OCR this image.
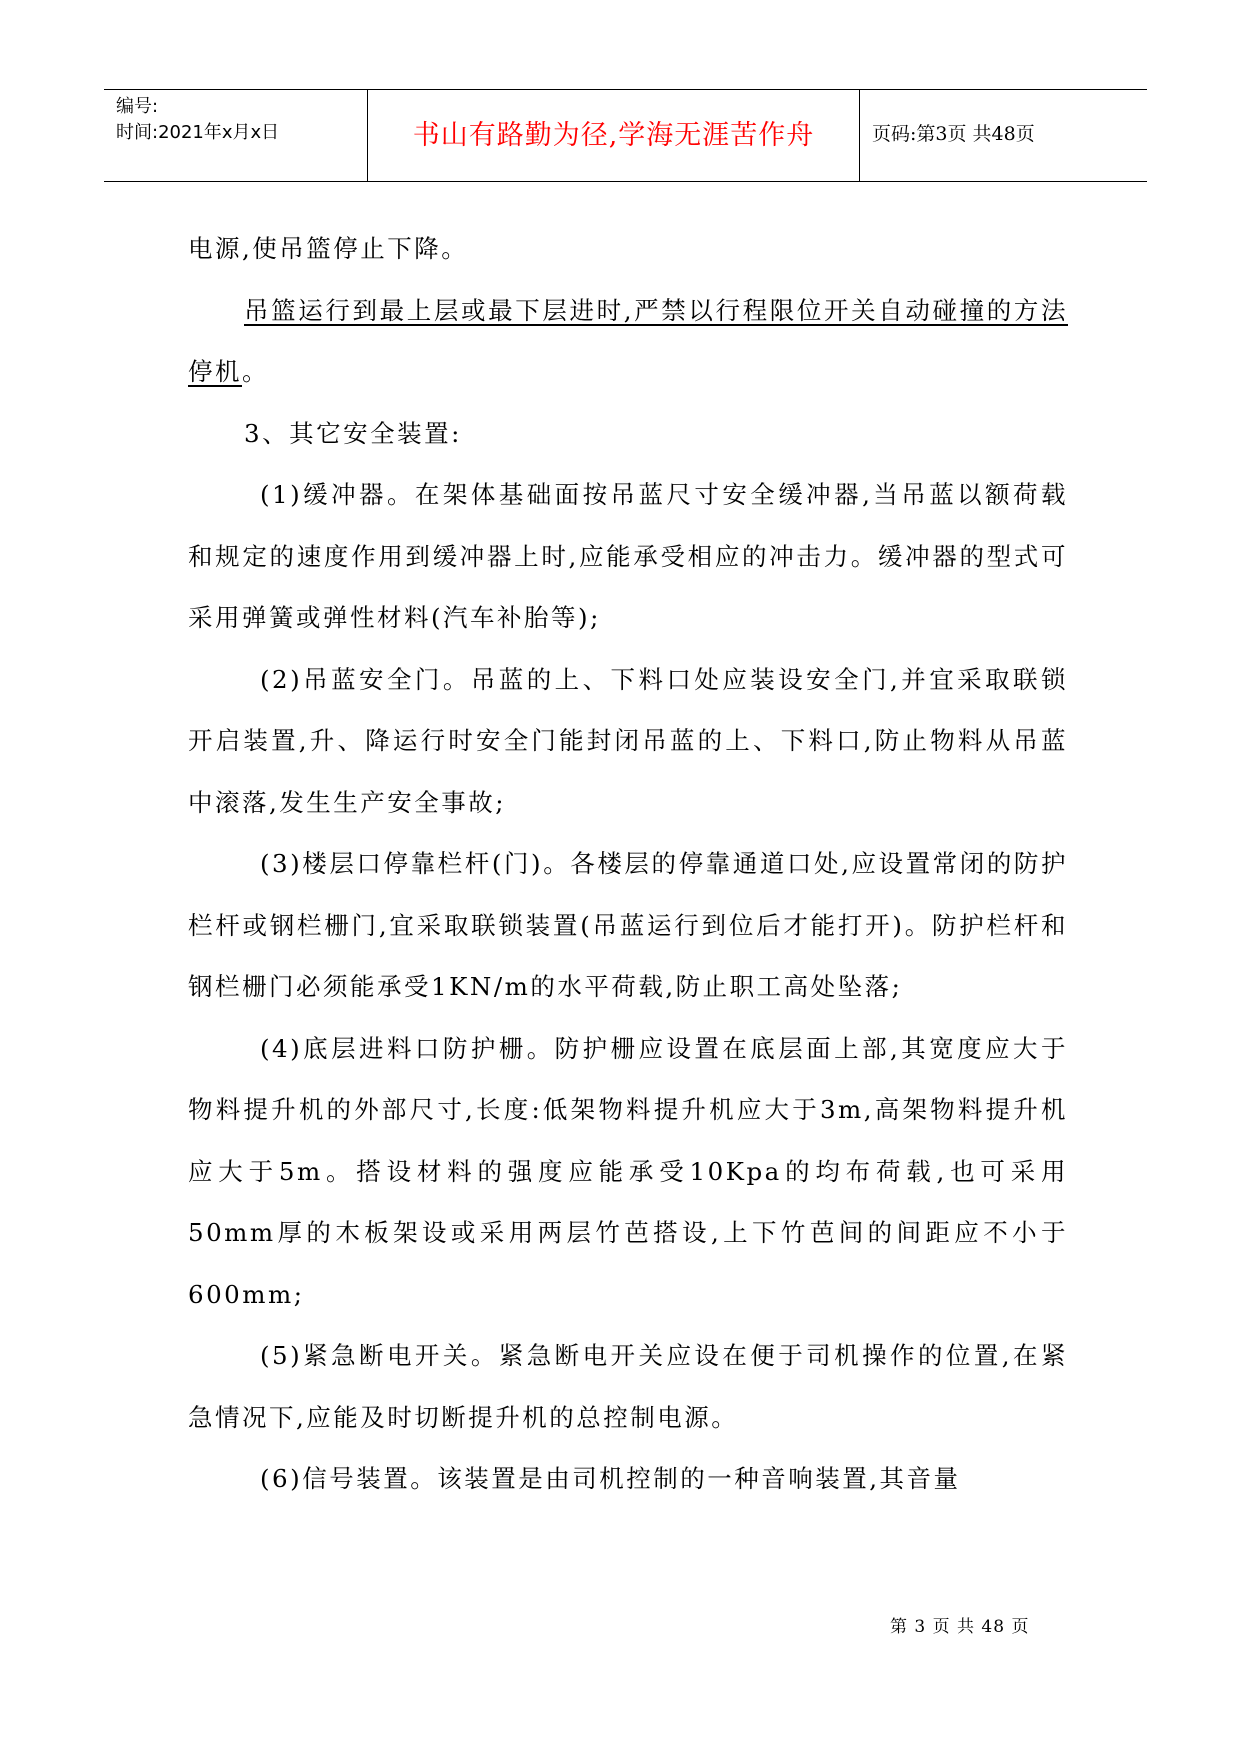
编号:
时间:2021年x月x日	书山有路勤为径,学海无涯苦作舟	页码:第3页 共48页

电源,使吊篮停止下降。

吊篮运行到最上层或最下层进时,严禁以行程限位开关自动碰撞的方法停机。

3、其它安全装置:

(1)缓冲器。在架体基础面按吊蓝尺寸安全缓冲器,当吊蓝以额荷载和规定的速度作用到缓冲器上时,应能承受相应的冲击力。缓冲器的型式可采用弹簧或弹性材料(汽车补胎等);

(2)吊蓝安全门。吊蓝的上、下料口处应装设安全门,并宜采取联锁开启装置,升、降运行时安全门能封闭吊蓝的上、下料口,防止物料从吊蓝中滚落,发生生产安全事故;

(3)楼层口停靠栏杆(门)。各楼层的停靠通道口处,应设置常闭的防护栏杆或钢栏栅门,宜采取联锁装置(吊蓝运行到位后才能打开)。防护栏杆和钢栏栅门必须能承受1KN/m的水平荷载,防止职工高处坠落;

(4)底层进料口防护栅。防护栅应设置在底层面上部,其宽度应大于物料提升机的外部尺寸,长度:低架物料提升机应大于3m,高架物料提升机应大于5m。搭设材料的强度应能承受10Kpa的均布荷载,也可采用50mm厚的木板架设或采用两层竹芭搭设,上下竹芭间的间距应不小于600mm;

(5)紧急断电开关。紧急断电开关应设在便于司机操作的位置,在紧急情况下,应能及时切断提升机的总控制电源。

(6)信号装置。该装置是由司机控制的一种音响装置,其音量

第 3 页 共 48 页
